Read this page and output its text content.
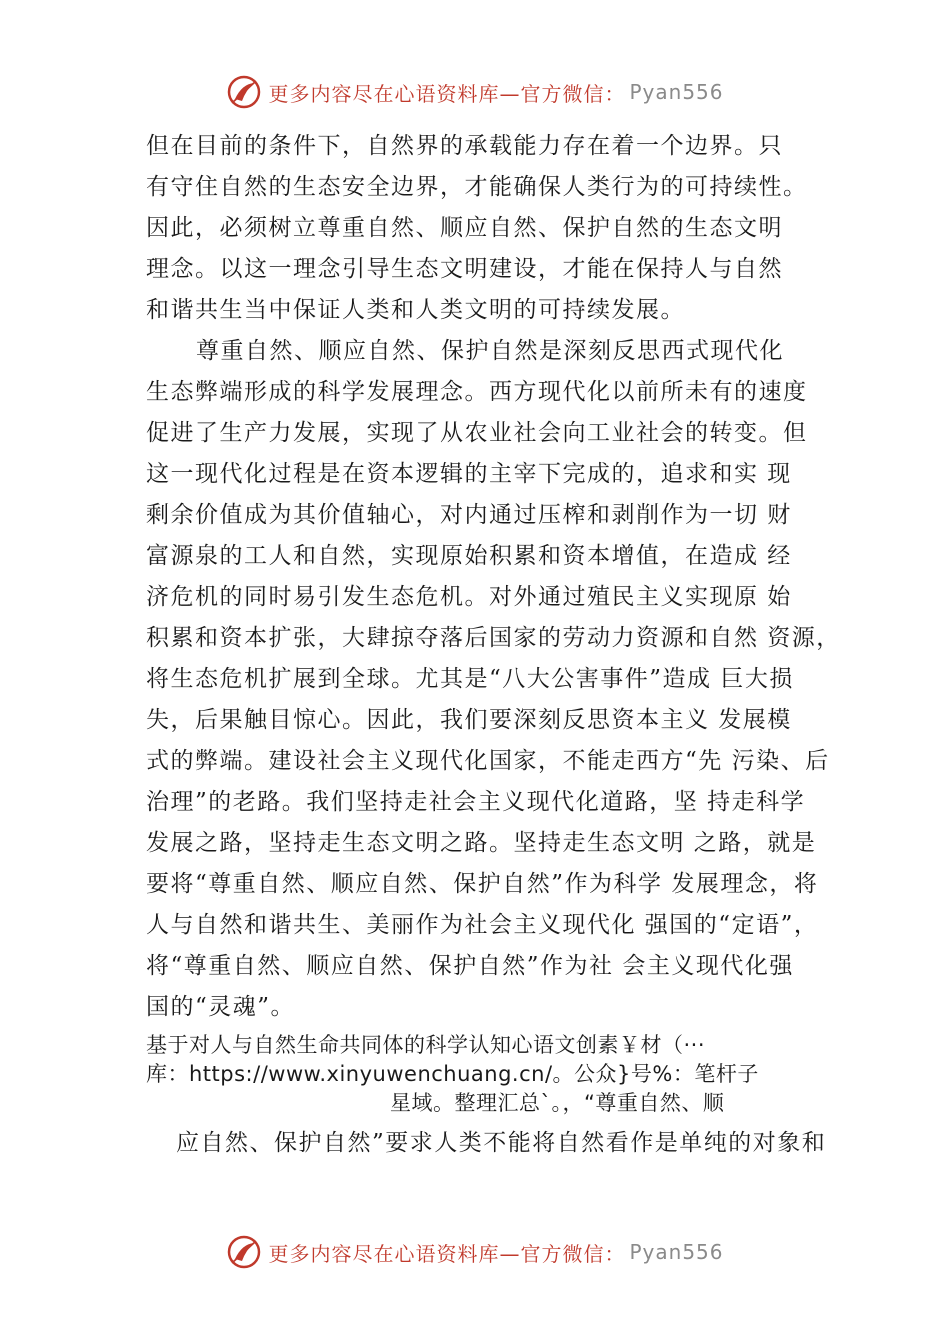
更多内容尽在心语资料库—官方微信： Pyan556
但在目前的条件下，自然界的承载能力存在着一个边界。只
有守住自然的生态安全边界，才能确保人类行为的可持续性。
因此，必须树立尊重自然、顺应自然、保护自然的生态文明
理念。以这一理念引导生态文明建设，才能在保持人与自然
和谐共生当中保证人类和人类文明的可持续发展。
尊重自然、顺应自然、保护自然是深刻反思西式现代化
生态弊端形成的科学发展理念。西方现代化以前所未有的速度
促进了生产力发展，实现了从农业社会向工业社会的转变。但
这一现代化过程是在资本逻辑的主宰下完成的，追求和实 现
剩余价值成为其价值轴心，对内通过压榨和剥削作为一切 财
富源泉的工人和自然，实现原始积累和资本增值，在造成 经
济危机的同时易引发生态危机。对外通过殖民主义实现原 始
积累和资本扩张，大肆掠夺落后国家的劳动力资源和自然 资源，
将生态危机扩展到全球。尤其是“八大公害事件”造成 巨大损
失，后果触目惊心。因此，我们要深刻反思资本主义 发展模
式的弊端。建设社会主义现代化国家，不能走西方“先 污染、后
治理”的老路。我们坚持走社会主义现代化道路，坚 持走科学
发展之路，坚持走生态文明之路。坚持走生态文明 之路，就是
要将“尊重自然、顺应自然、保护自然”作为科学 发展理念，将
人与自然和谐共生、美丽作为社会主义现代化 强国的“定语”，
将“尊重自然、顺应自然、保护自然”作为社 会主义现代化强
国的“灵魂”。
基于对人与自然生命共同体的科学认知心语文创素￥材（···
库：https://www.xinyuwenchuang.cn/。公众}号%：笔杆子
星域。整理汇总`。，“尊重自然、顺
应自然、保护自然”要求人类不能将自然看作是单纯的对象和
更多内容尽在心语资料库—官方微信： Pyan556
